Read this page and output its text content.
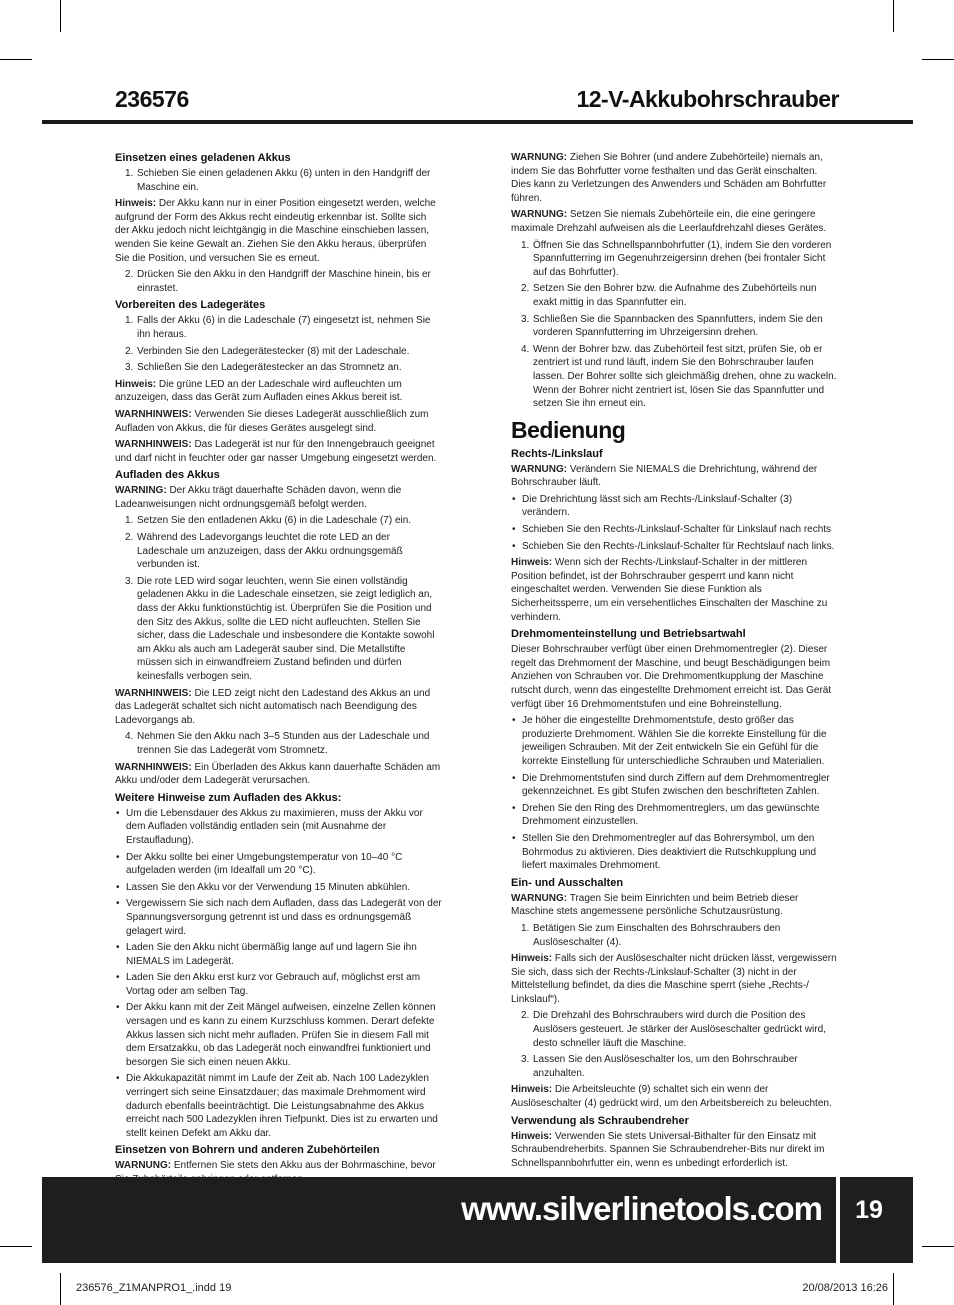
236576	12-V-Akkubohrschrauber
Einsetzen eines geladenen Akkus
1. Schieben Sie einen geladenen Akku (6) unten in den Handgriff der Maschine ein.

Hinweis: Der Akku kann nur in einer Position eingesetzt werden, welche aufgrund der Form des Akkus recht eindeutig erkennbar ist. Sollte sich der Akku jedoch nicht leichtgängig in die Maschine einschieben lassen, wenden Sie keine Gewalt an. Ziehen Sie den Akku heraus, überprüfen Sie die Position, und versuchen Sie es erneut.

2. Drücken Sie den Akku in den Handgriff der Maschine hinein, bis er einrastet.
Vorbereiten des Ladegerätes
1. Falls der Akku (6) in die Ladeschale (7) eingesetzt ist, nehmen Sie ihn heraus.
2. Verbinden Sie den Ladegerätestecker (8) mit der Ladeschale.
3. Schließen Sie den Ladegerätestecker an das Stromnetz an.

Hinweis: Die grüne LED an der Ladeschale wird aufleuchten um anzuzeigen, dass das Gerät zum Aufladen eines Akkus bereit ist.

WARNHINWEIS: Verwenden Sie dieses Ladegerät ausschließlich zum Aufladen von Akkus, die für dieses Gerätes ausgelegt sind.

WARNHINWEIS: Das Ladegerät ist nur für den Innengebrauch geeignet und darf nicht in feuchter oder gar nasser Umgebung eingesetzt werden.

Aufladen des Akkus

WARNING: Der Akku trägt dauerhafte Schäden davon, wenn die Ladeanweisungen nicht ordnungsgemäß befolgt werden.

1. Setzen Sie den entladenen Akku (6) in die Ladeschale (7) ein.
2. Während des Ladevorgangs leuchtet die rote LED an der Ladeschale um anzuzeigen, dass der Akku ordnungsgemäß verbunden ist.
3. Die rote LED wird sogar leuchten, wenn Sie einen vollständig geladenen Akku in die Ladeschale einsetzen, sie zeigt lediglich an, dass der Akku funktionstüchtig ist. Überprüfen Sie die Position und den Sitz des Akkus, sollte die LED nicht aufleuchten. Stellen Sie sicher, dass die Ladeschale und insbesondere die Kontakte sowohl am Akku als auch am Ladegerät sauber sind. Die Metallstifte müssen sich in einwandfreiem Zustand befinden und dürfen keinesfalls verbogen sein.

WARNHINWEIS: Die LED zeigt nicht den Ladestand des Akkus an und das Ladegerät schaltet sich nicht automatisch nach Beendigung des Ladevorgangs ab.

4. Nehmen Sie den Akku nach 3–5 Stunden aus der Ladeschale und trennen Sie das Ladegerät vom Stromnetz.

WARNHINWEIS: Ein Überladen des Akkus kann dauerhafte Schäden am Akku und/oder dem Ladegerät verursachen.

Weitere Hinweise zum Aufladen des Akkus:
• Um die Lebensdauer des Akkus zu maximieren, muss der Akku vor dem Aufladen vollständig entladen sein (mit Ausnahme der Erstaufladung).
• Der Akku sollte bei einer Umgebungstemperatur von 10–40 °C aufgeladen werden (im Idealfall um 20 °C).
• Lassen Sie den Akku vor der Verwendung 15 Minuten abkühlen.
• Vergewissern Sie sich nach dem Aufladen, dass das Ladegerät von der Spannungsversorgung getrennt ist und dass es ordnungsgemäß gelagert wird.
• Laden Sie den Akku nicht übermäßig lange auf und lagern Sie ihn NIEMALS im Ladegerät.
• Laden Sie den Akku erst kurz vor Gebrauch auf, möglichst erst am Vortag oder am selben Tag.
• Der Akku kann mit der Zeit Mängel aufweisen, einzelne Zellen können versagen und es kann zu einem Kurzschluss kommen. Derart defekte Akkus lassen sich nicht mehr aufladen. Prüfen Sie in diesem Fall mit dem Ersatzakku, ob das Ladegerät noch einwandfrei funktioniert und besorgen Sie sich einen neuen Akku.
• Die Akkukapazität nimmt im Laufe der Zeit ab. Nach 100 Ladezyklen verringert sich seine Einsatzdauer; das maximale Drehmoment wird dadurch ebenfalls beeinträchtigt. Die Leistungsabnahme des Akkus erreicht nach 500 Ladezyklen ihren Tiefpunkt. Dies ist zu erwarten und stellt keinen Defekt am Akku dar.
Einsetzen von Bohrern und anderen Zubehörteilen

WARNUNG: Entfernen Sie stets den Akku aus der Bohrmaschine, bevor

WARNUNG: Ziehen Sie Bohrer (und andere Zubehörteile) niemals an, indem Sie das Bohrfutter vorne festhalten und das Gerät einschalten. Dies kann zu Verletzungen des Anwenders und Schäden am Bohrfutter führen.

WARNUNG: Setzen Sie niemals Zubehörteile ein, die eine geringere maximale Drehzahl aufweisen als die Leerlaufdrehzahl dieses Gerätes.

1. Öffnen Sie das Schnellspannbohrfutter (1), indem Sie den vorderen Spannfutterring im Gegenuhrzeigersinn drehen (bei frontaler Sicht auf das Bohrfutter).
2. Setzen Sie den Bohrer bzw. die Aufnahme des Zubehörteils nun exakt mittig in das Spannfutter ein.
3. Schließen Sie die Spannbacken des Spannfutters, indem Sie den vorderen Spannfutterring im Uhrzeigersinn drehen.
4. Wenn der Bohrer bzw. das Zubehörteil fest sitzt, prüfen Sie, ob er zentriert ist und rund läuft, indem Sie den Bohrschrauber laufen lassen. Der Bohrer sollte sich gleichmäßig drehen, ohne zu wackeln. Wenn der Bohrer nicht zentriert ist, lösen Sie das Spannfutter und setzen Sie ihn erneut ein.
Bedienung
Rechts-/Linkslauf

WARNUNG: Verändern Sie NIEMALS die Drehrichtung, während der Bohrschrauber läuft.

• Die Drehrichtung lässt sich am Rechts-/Linkslauf-Schalter (3) verändern.
• Schieben Sie den Rechts-/Linkslauf-Schalter für Linkslauf nach rechts
• Schieben Sie den Rechts-/Linkslauf-Schalter für Rechtslauf nach links.

Hinweis: Wenn sich der Rechts-/Linkslauf-Schalter in der mittleren Position befindet, ist der Bohrschrauber gesperrt und kann nicht eingeschaltet werden. Verwenden Sie diese Funktion als Sicherheitssperre, um ein versehentliches Einschalten der Maschine zu verhindern.

Drehmomenteinstellung und Betriebsartwahl

Dieser Bohrschrauber verfügt über einen Drehmomentregler (2). Dieser regelt das Drehmoment der Maschine, und beugt Beschädigungen beim Anziehen von Schrauben vor. Die Drehmomentkupplung der Maschine rutscht durch, wenn das eingestellte Drehmoment erreicht ist. Das Gerät verfügt über 16 Drehmomentstufen und eine Bohreinstellung.

• Je höher die eingestellte Drehmomentstufe, desto größer das produzierte Drehmoment. Wählen Sie die korrekte Einstellung für die jeweiligen Schrauben. Mit der Zeit entwickeln Sie ein Gefühl für die korrekte Einstellung für unterschiedliche Schrauben und Materialien.
• Die Drehmomentstufen sind durch Ziffern auf dem Drehmomentregler gekennzeichnet. Es gibt Stufen zwischen den beschrifteten Zahlen.
• Drehen Sie den Ring des Drehmomentreglers, um das gewünschte Drehmoment einzustellen.
• Stellen Sie den Drehmomentregler auf das Bohrersymbol, um den Bohrmodus zu aktivieren. Dies deaktiviert die Rutschkupplung und liefert maximales Drehmoment.
Ein- und Ausschalten

WARNUNG: Tragen Sie beim Einrichten und beim Betrieb dieser Maschine stets angemessene persönliche Schutzausrüstung.

1. Betätigen Sie zum Einschalten des Bohrschraubers den Auslöseschalter (4).

Hinweis: Falls sich der Auslöseschalter nicht drücken lässt, vergewissern Sie sich, dass sich der Rechts-/Linkslauf-Schalter (3) nicht in der Mittelstellung befindet, da dies die Maschine sperrt (siehe „Rechts-/ Linkslauf“).

2. Die Drehzahl des Bohrschraubers wird durch die Position des Auslösers gesteuert. Je stärker der Auslöseschalter gedrückt wird, desto schneller läuft die Maschine.
3. Lassen Sie den Auslöseschalter los, um den Bohrschrauber anzuhalten.

Hinweis: Die Arbeitsleuchte (9) schaltet sich ein wenn der Auslöseschalter (4) gedrückt wird, um den Arbeitsbereich zu beleuchten.

Verwendung als Schraubendreher

Hinweis: Verwenden Sie stets Universal-Bithalter für den Einsatz mit Schraubendreherbits. Spannen Sie Schraubendreher-Bits nur direkt im Schnellspannbohrfutter ein, wenn es unbedingt erforderlich ist.

www.silverlinetools.com	19
236576_Z1MANPRO1_.indd 19	20/08/2013 16:26
